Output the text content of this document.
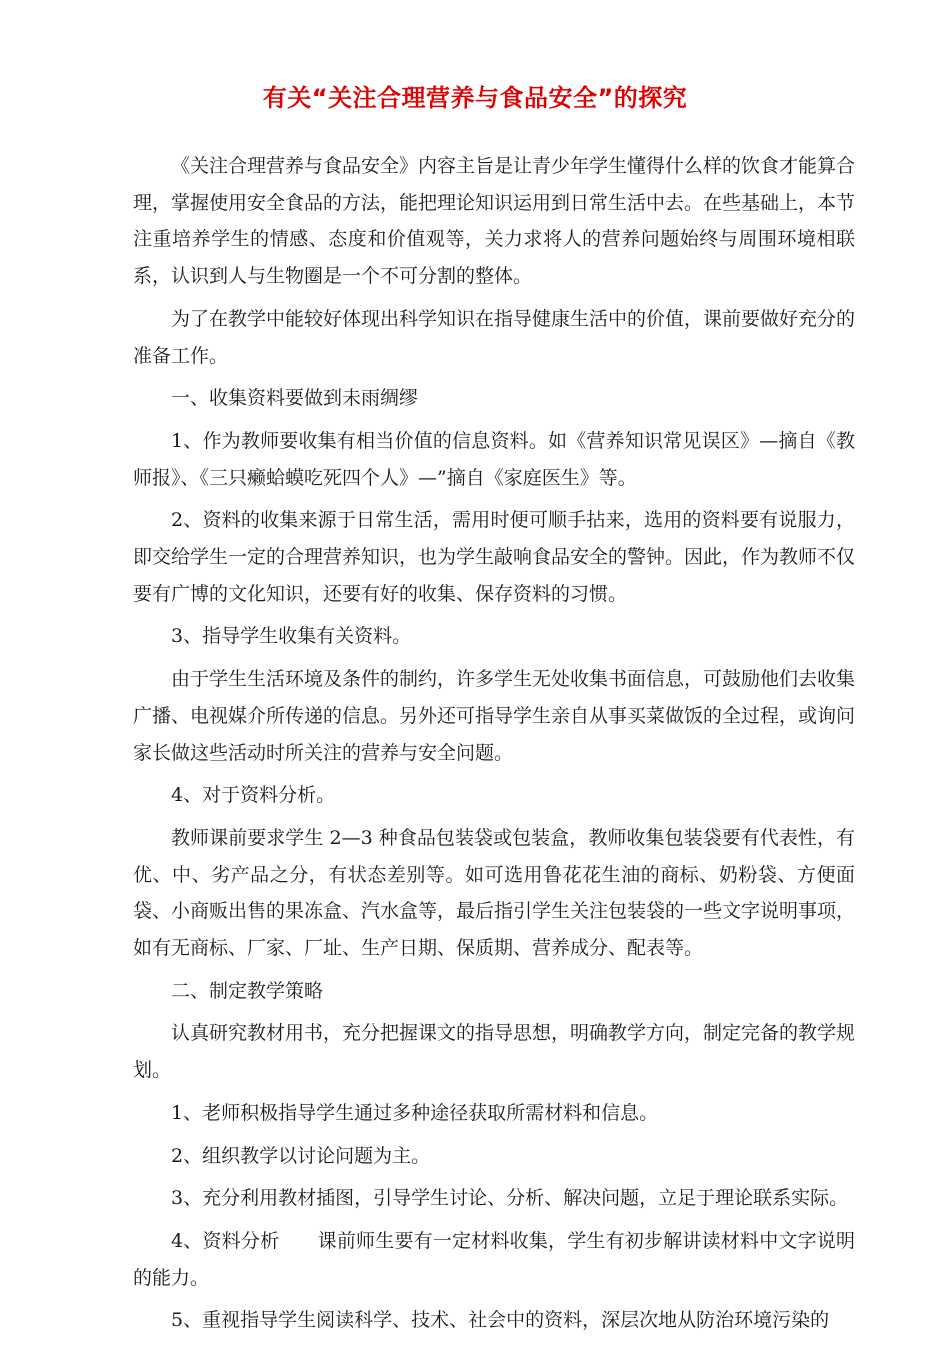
有关“关注合理营养与食品安全”的探究

《关注合理营养与食品安全》内容主旨是让青少年学生懂得什么样的饮食才能算合理，掌握使用安全食品的方法，能把理论知识运用到日常生活中去。在些基础上，本节注重培养学生的情感、态度和价值观等，关力求将人的营养问题始终与周围环境相联系，认识到人与生物圈是一个不可分割的整体。

为了在教学中能较好体现出科学知识在指导健康生活中的价值，课前要做好充分的准备工作。

一、收集资料要做到未雨绸缪

1、作为教师要收集有相当价值的信息资料。如《营养知识常见误区》—摘自《教师报》、《三只癞蛤蟆吃死四个人》—”摘自《家庭医生》等。

2、资料的收集来源于日常生活，需用时便可顺手拈来，选用的资料要有说服力，即交给学生一定的合理营养知识，也为学生敲响食品安全的警钟。因此，作为教师不仅要有广博的文化知识，还要有好的收集、保存资料的习惯。

3、指导学生收集有关资料。

由于学生生活环境及条件的制约，许多学生无处收集书面信息，可鼓励他们去收集广播、电视媒介所传递的信息。另外还可指导学生亲自从事买菜做饭的全过程，或询问家长做这些活动时所关注的营养与安全问题。

4、对于资料分析。

教师课前要求学生 2—3 种食品包装袋或包装盒，教师收集包装袋要有代表性，有优、中、劣产品之分，有状态差别等。如可选用鲁花花生油的商标、奶粉袋、方便面袋、小商贩出售的果冻盒、汽水盒等，最后指引学生关注包装袋的一些文字说明事项，如有无商标、厂家、厂址、生产日期、保质期、营养成分、配表等。

二、制定教学策略

认真研究教材用书，充分把握课文的指导思想，明确教学方向，制定完备的教学规划。

1、老师积极指导学生通过多种途径获取所需材料和信息。

2、组织教学以讨论问题为主。

3、充分利用教材插图，引导学生讨论、分析、解决问题，立足于理论联系实际。

4、资料分析　　课前师生要有一定材料收集，学生有初步解讲读材料中文字说明的能力。

5、重视指导学生阅读科学、技术、社会中的资料，深层次地从防治环境污染的
